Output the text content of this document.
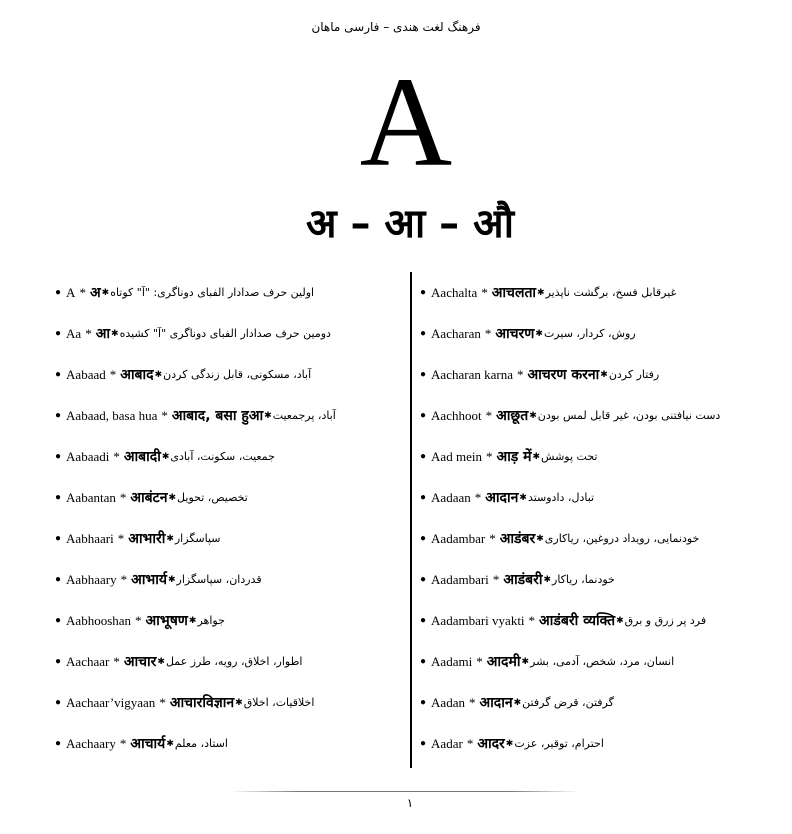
فرهنگ لغت هندی – فارسی ماهان
A
अ – आ – औ
● A * अ ✱ اولین حرف صدادار الفبای دوناگری: "آ" کوتاه
● Aa * आ ✱ دومین حرف صدادار الفبای دوناگری "آ" کشیده
● Aabaad * आबाद ✱ آباد، مسکونی، قابل زندگی کردن
● Aabaad, basa hua * आबाद, बसा हुआ ✱ آباد، پرجمعیت
● Aabaadi * आबादी ✱ جمعیت، سکونت، آبادی
● Aabantan * आबंटन ✱ تخصیص، تحویل
● Aabhaari * आभारी ✱ سپاسگزار
● Aabhaary * आभार्य ✱ قدردان، سپاسگزار
● Aabhooshan * आभूषण ✱ جواهر
● Aachaar * आचार ✱ اطوار، اخلاق، رویه، طرز عمل
● Aachaar’vigyaan * आचारविज्ञान ✱ اخلاقیات، اخلاق
● Aachaary * आचार्य ✱ استاد، معلم
● Aachalta * आचलता ✱ غیرقابل فسخ، برگشت ناپذیر
● Aacharan * आचरण ✱ روش، کردار، سیرت
● Aacharan karna * आचरण करना ✱ رفتار کردن
● Aachhoot * आछूत ✱ دست نیافتنی بودن، غیر قابل لمس بودن
● Aad mein * आड़ में ✱ تحت پوشش
● Aadaan * आदान ✱ تبادل، دادوستد
● Aadambar * आडंबर ✱ خودنمایی، رویداد دروغین، ریاکاری
● Aadambari * आडंबरी ✱ خودنما، ریاکار
● Aadambari vyakti * आडंबरी व्यक्ति ✱ فرد پر زرق و برق
● Aadami * आदमी ✱ انسان، مرد، شخص، آدمی، بشر
● Aadan * आदान ✱ گرفتن، قرض گرفتن
● Aadar * आदर ✱ احترام، توقیر، عزت
۱
